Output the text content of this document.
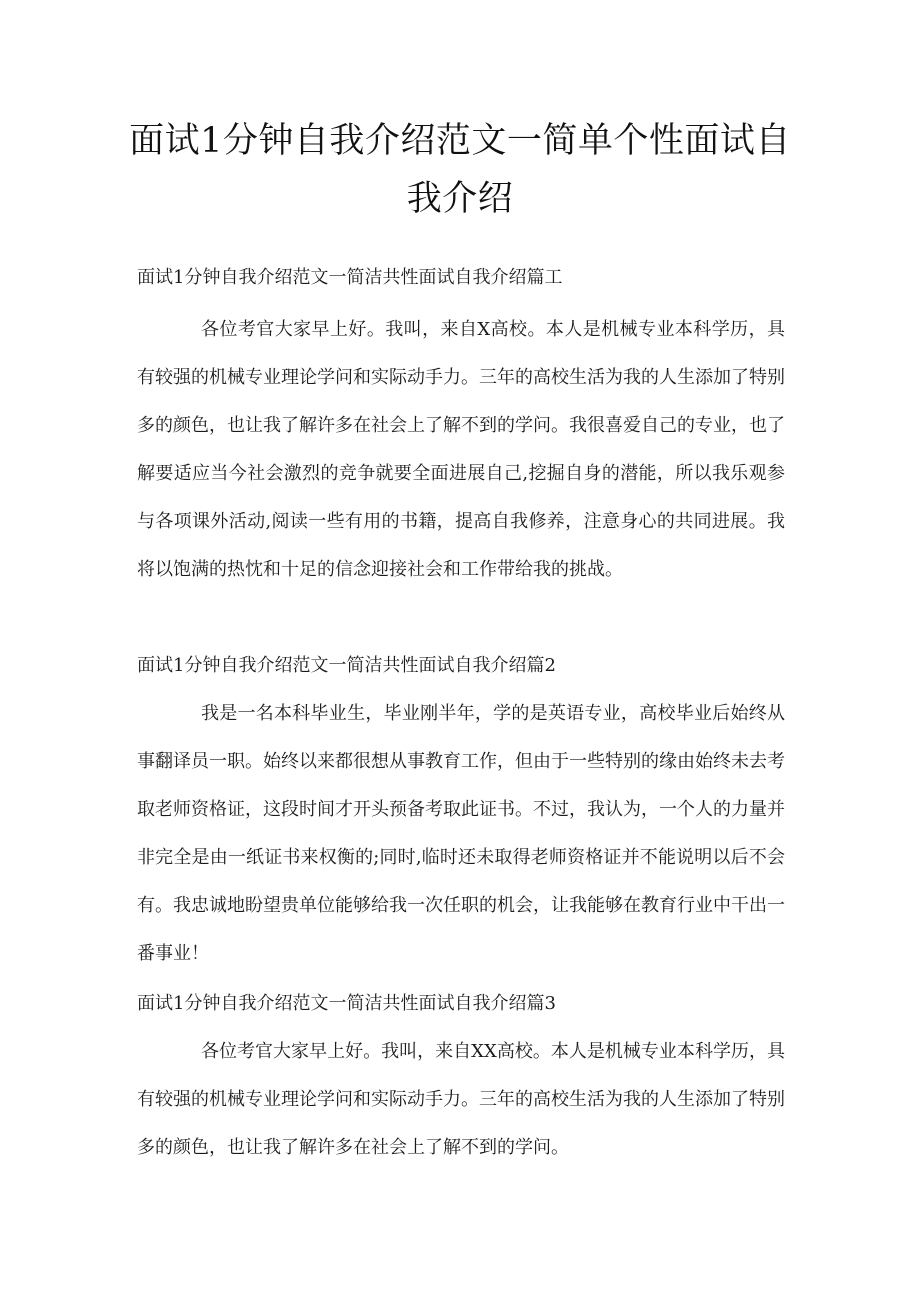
面试1分钟自我介绍范文一简单个性面试自我介绍
面试1分钟自我介绍范文一简洁共性面试自我介绍篇工

各位考官大家早上好。我叫，来自X高校。本人是机械专业本科学历，具有较强的机械专业理论学问和实际动手力。三年的高校生活为我的人生添加了特别多的颜色，也让我了解许多在社会上了解不到的学问。我很喜爱自己的专业，也了解要适应当今社会激烈的竞争就要全面进展自己,挖掘自身的潜能，所以我乐观参与各项课外活动,阅读一些有用的书籍，提高自我修养，注意身心的共同进展。我将以饱满的热忱和十足的信念迎接社会和工作带给我的挑战。

面试1分钟自我介绍范文一简洁共性面试自我介绍篇2

我是一名本科毕业生，毕业刚半年，学的是英语专业，高校毕业后始终从事翻译员一职。始终以来都很想从事教育工作，但由于一些特别的缘由始终未去考取老师资格证，这段时间才开头预备考取此证书。不过，我认为，一个人的力量并非完全是由一纸证书来权衡的;同时,临时还未取得老师资格证并不能说明以后不会有。我忠诚地盼望贵单位能够给我一次任职的机会，让我能够在教育行业中干出一番事业！

面试1分钟自我介绍范文一简洁共性面试自我介绍篇3

各位考官大家早上好。我叫，来自XX高校。本人是机械专业本科学历，具有较强的机械专业理论学问和实际动手力。三年的高校生活为我的人生添加了特别多的颜色，也让我了解许多在社会上了解不到的学问。
